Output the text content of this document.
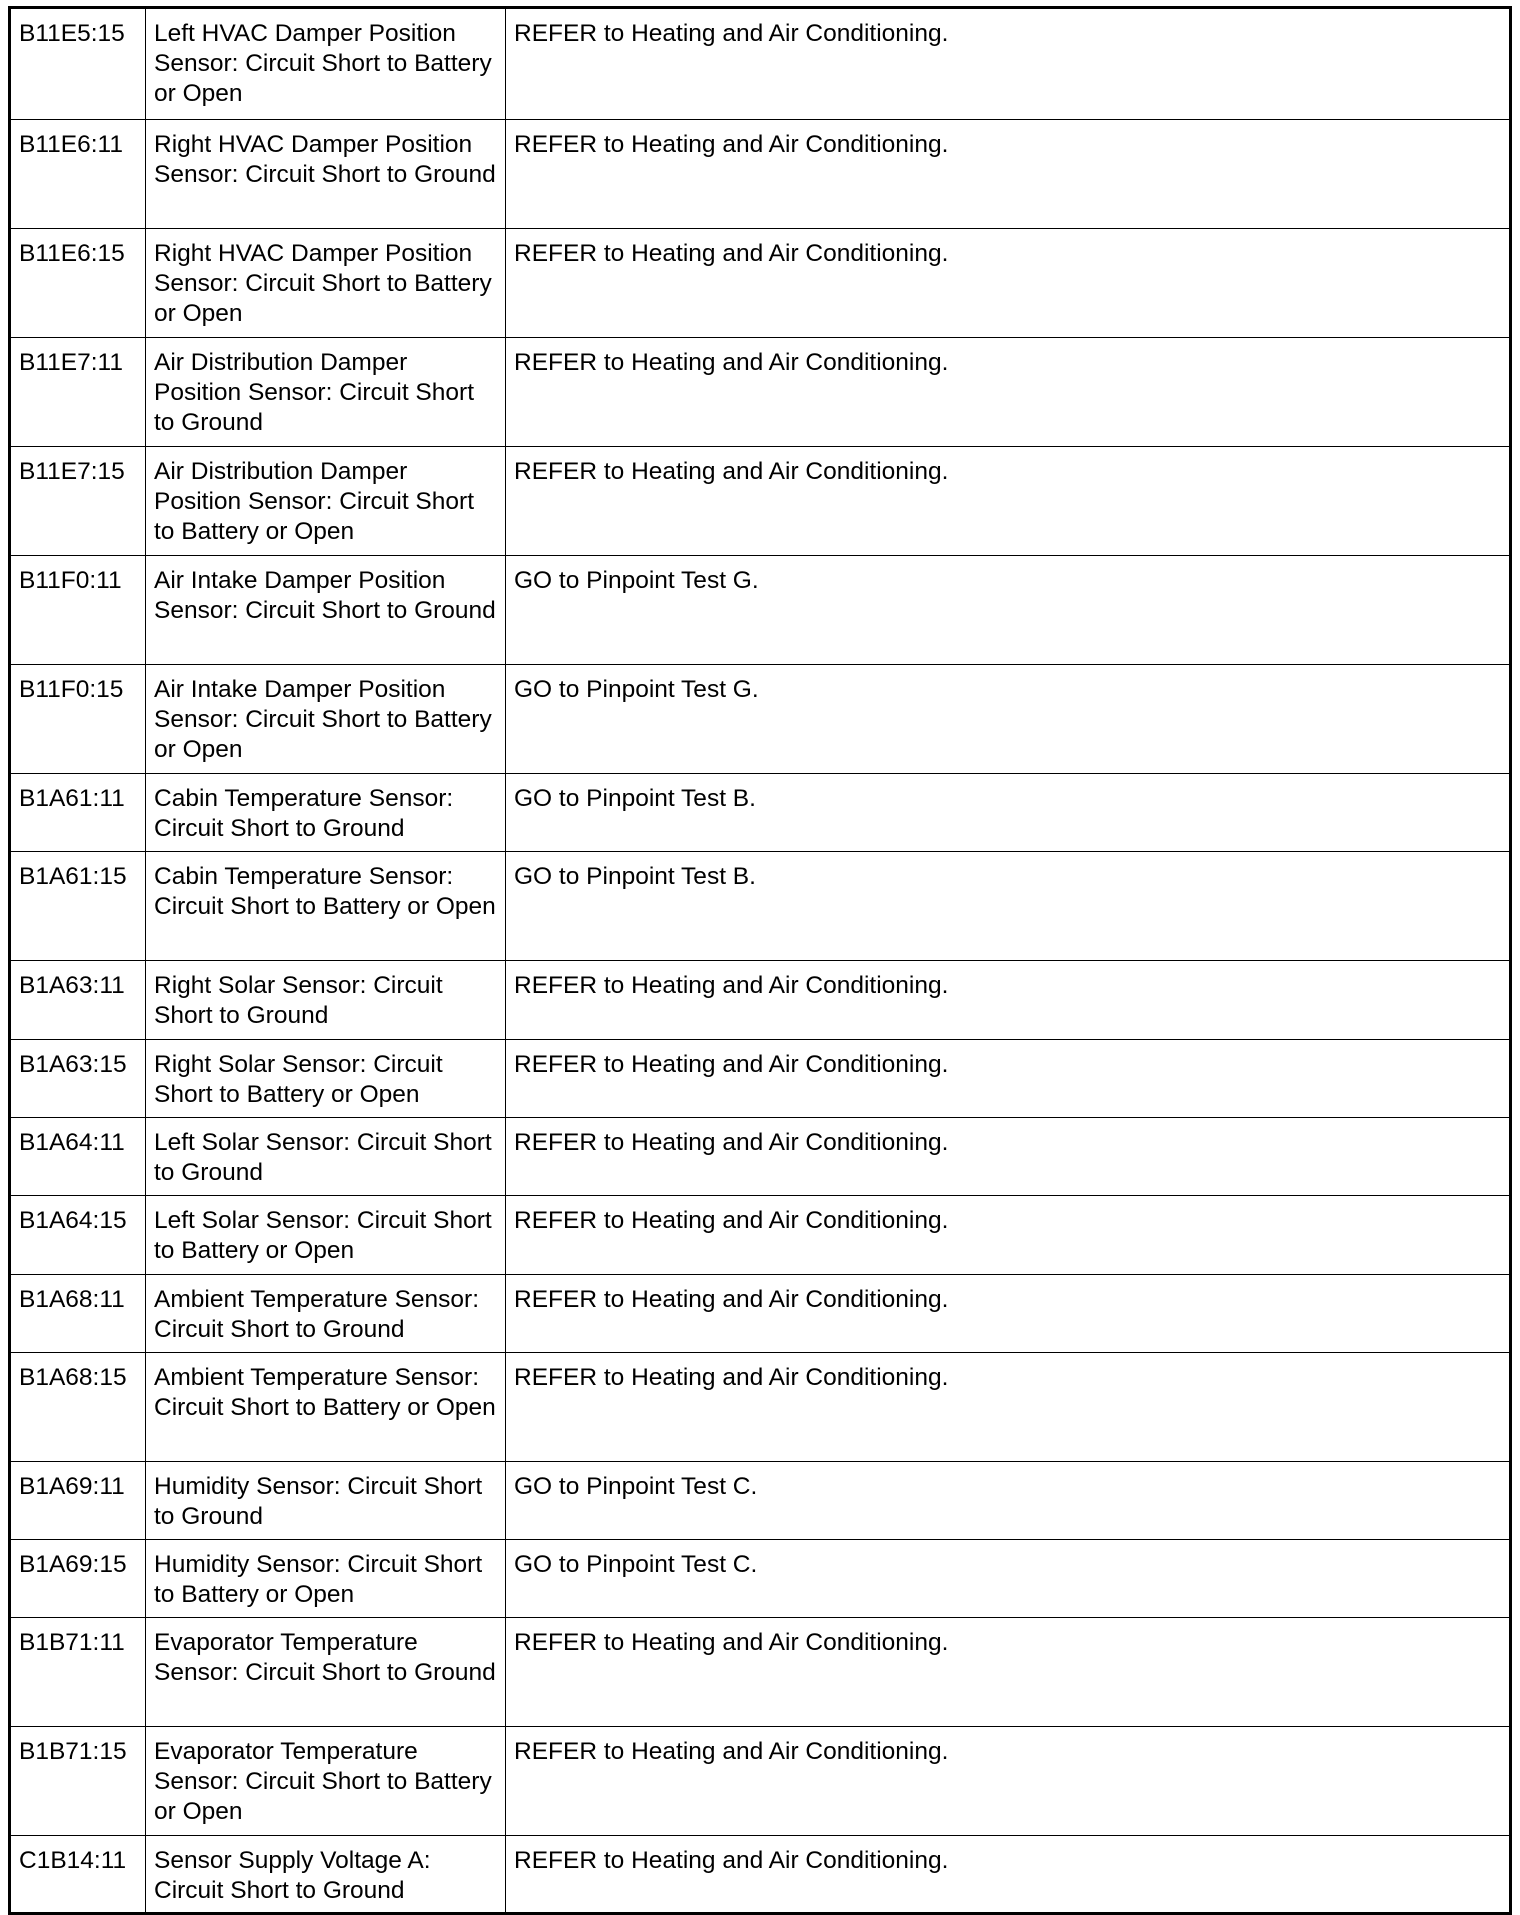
B11E5:15	Left HVAC Damper Position Sensor: Circuit Short to Battery or Open	REFER to Heating and Air Conditioning.
B11E6:11	Right HVAC Damper Position Sensor: Circuit Short to Ground	REFER to Heating and Air Conditioning.
B11E6:15	Right HVAC Damper Position Sensor: Circuit Short to Battery or Open	REFER to Heating and Air Conditioning.
B11E7:11	Air Distribution Damper Position Sensor: Circuit Short to Ground	REFER to Heating and Air Conditioning.
B11E7:15	Air Distribution Damper Position Sensor: Circuit Short to Battery or Open	REFER to Heating and Air Conditioning.
B11F0:11	Air Intake Damper Position Sensor: Circuit Short to Ground	GO to Pinpoint Test G.
B11F0:15	Air Intake Damper Position Sensor: Circuit Short to Battery or Open	GO to Pinpoint Test G.
B1A61:11	Cabin Temperature Sensor: Circuit Short to Ground	GO to Pinpoint Test B.
B1A61:15	Cabin Temperature Sensor: Circuit Short to Battery or Open	GO to Pinpoint Test B.
B1A63:11	Right Solar Sensor: Circuit Short to Ground	REFER to Heating and Air Conditioning.
B1A63:15	Right Solar Sensor: Circuit Short to Battery or Open	REFER to Heating and Air Conditioning.
B1A64:11	Left Solar Sensor: Circuit Short to Ground	REFER to Heating and Air Conditioning.
B1A64:15	Left Solar Sensor: Circuit Short to Battery or Open	REFER to Heating and Air Conditioning.
B1A68:11	Ambient Temperature Sensor: Circuit Short to Ground	REFER to Heating and Air Conditioning.
B1A68:15	Ambient Temperature Sensor: Circuit Short to Battery or Open	REFER to Heating and Air Conditioning.
B1A69:11	Humidity Sensor: Circuit Short to Ground	GO to Pinpoint Test C.
B1A69:15	Humidity Sensor: Circuit Short to Battery or Open	GO to Pinpoint Test C.
B1B71:11	Evaporator Temperature Sensor: Circuit Short to Ground	REFER to Heating and Air Conditioning.
B1B71:15	Evaporator Temperature Sensor: Circuit Short to Battery or Open	REFER to Heating and Air Conditioning.
C1B14:11	Sensor Supply Voltage A: Circuit Short to Ground	REFER to Heating and Air Conditioning.
